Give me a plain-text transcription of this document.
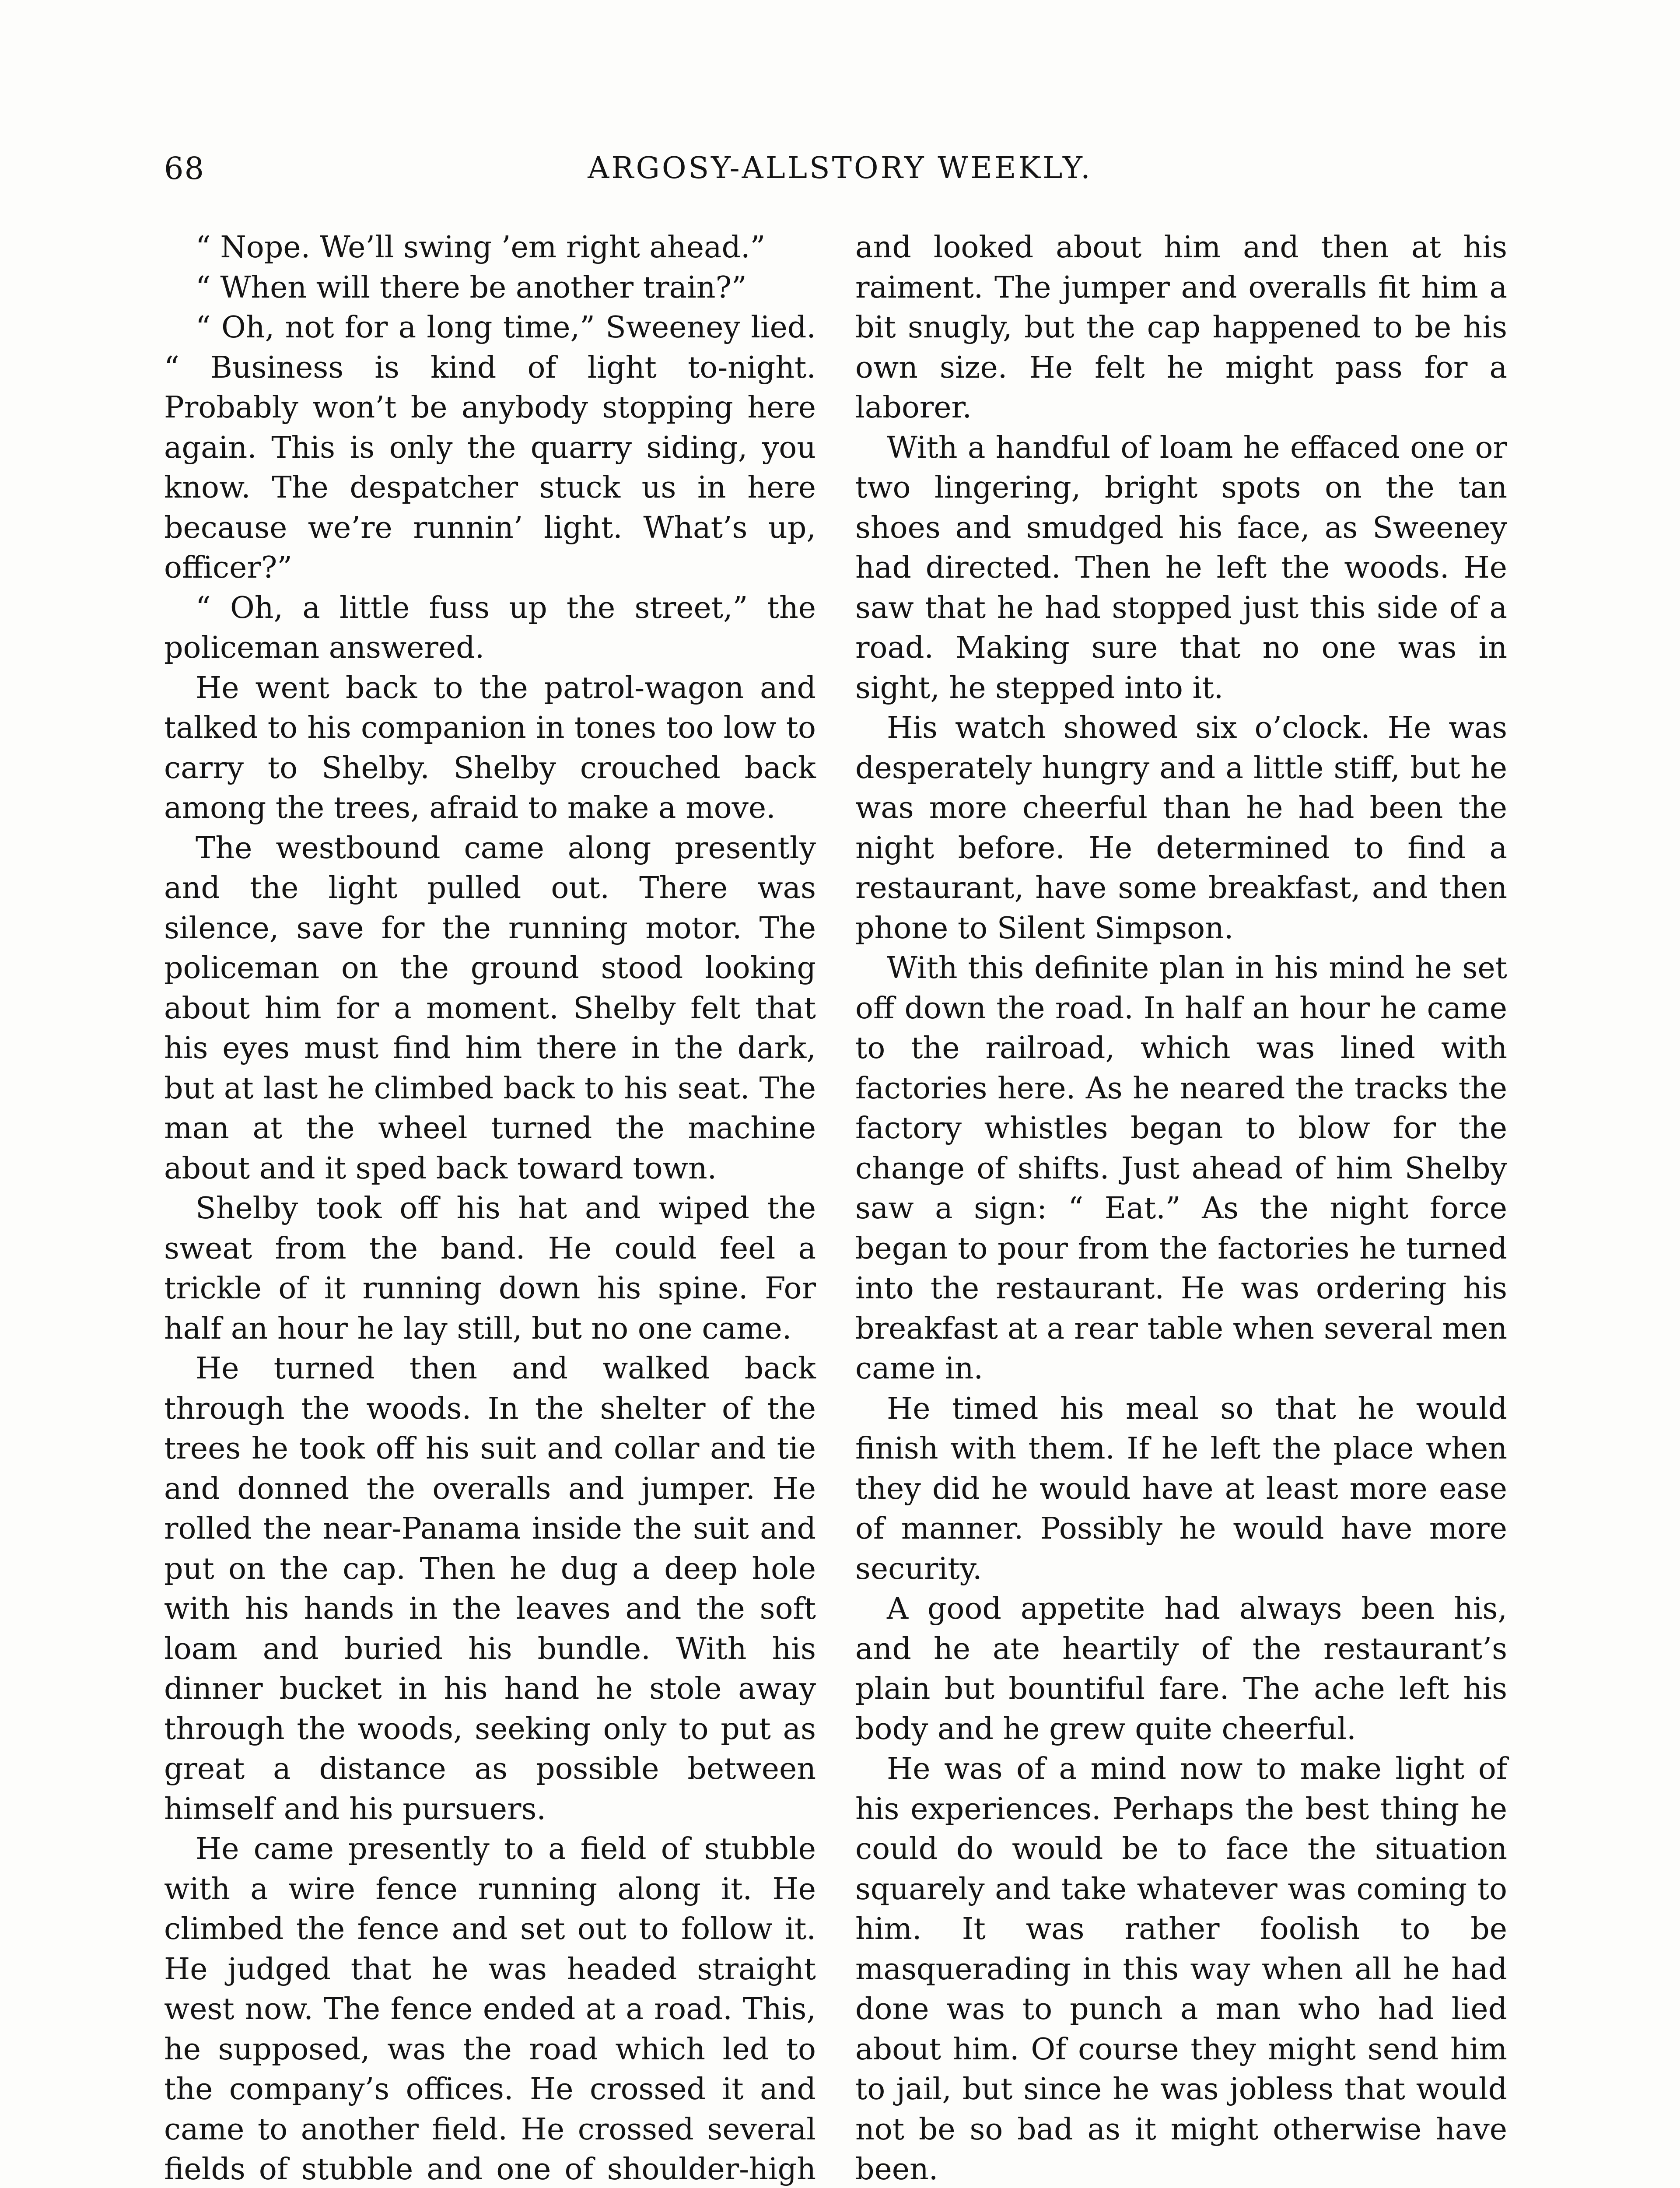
68	ARGOSY-ALLSTORY WEEKLY.

“ Nope. We’ll swing ’em right ahead.”

“ When will there be another train?”

“ Oh, not for a long time,” Sweeney lied. “ Business is kind of light to-night. Probably won’t be anybody stopping here again. This is only the quarry siding, you know. The despatcher stuck us in here because we’re runnin’ light. What’s up, officer?”

“ Oh, a little fuss up the street,” the policeman answered.

He went back to the patrol-wagon and talked to his companion in tones too low to carry to Shelby. Shelby crouched back among the trees, afraid to make a move.

The westbound came along presently and the light pulled out. There was silence, save for the running motor. The policeman on the ground stood looking about him for a moment. Shelby felt that his eyes must find him there in the dark, but at last he climbed back to his seat. The man at the wheel turned the machine about and it sped back toward town.

Shelby took off his hat and wiped the sweat from the band. He could feel a trickle of it running down his spine. For half an hour he lay still, but no one came.

He turned then and walked back through the woods. In the shelter of the trees he took off his suit and collar and tie and donned the overalls and jumper. He rolled the near-Panama inside the suit and put on the cap. Then he dug a deep hole with his hands in the leaves and the soft loam and buried his bundle. With his dinner bucket in his hand he stole away through the woods, seeking only to put as great a distance as possible between himself and his pursuers.

He came presently to a field of stubble with a wire fence running along it. He climbed the fence and set out to follow it. He judged that he was headed straight west now. The fence ended at a road. This, he supposed, was the road which led to the company’s offices. He crossed it and came to another field. He crossed several fields of stubble and one of shoulder-high

and looked about him and then at his raiment. The jumper and overalls fit him a bit snugly, but the cap happened to be his own size. He felt he might pass for a laborer.

With a handful of loam he effaced one or two lingering, bright spots on the tan shoes and smudged his face, as Sweeney had directed. Then he left the woods. He saw that he had stopped just this side of a road. Making sure that no one was in sight, he stepped into it.

His watch showed six o’clock. He was desperately hungry and a little stiff, but he was more cheerful than he had been the night before. He determined to find a restaurant, have some breakfast, and then phone to Silent Simpson.

With this definite plan in his mind he set off down the road. In half an hour he came to the railroad, which was lined with factories here. As he neared the tracks the factory whistles began to blow for the change of shifts. Just ahead of him Shelby saw a sign: “ Eat.” As the night force began to pour from the factories he turned into the restaurant. He was ordering his breakfast at a rear table when several men came in.

He timed his meal so that he would finish with them. If he left the place when they did he would have at least more ease of manner. Possibly he would have more security.

A good appetite had always been his, and he ate heartily of the restaurant’s plain but bountiful fare. The ache left his body and he grew quite cheerful.

He was of a mind now to make light of his experiences. Perhaps the best thing he could do would be to face the situation squarely and take whatever was coming to him. It was rather foolish to be masquerading in this way when all he had done was to punch a man who had lied about him. Of course they might send him to jail, but since he was jobless that would not be so bad as it might otherwise have been.
